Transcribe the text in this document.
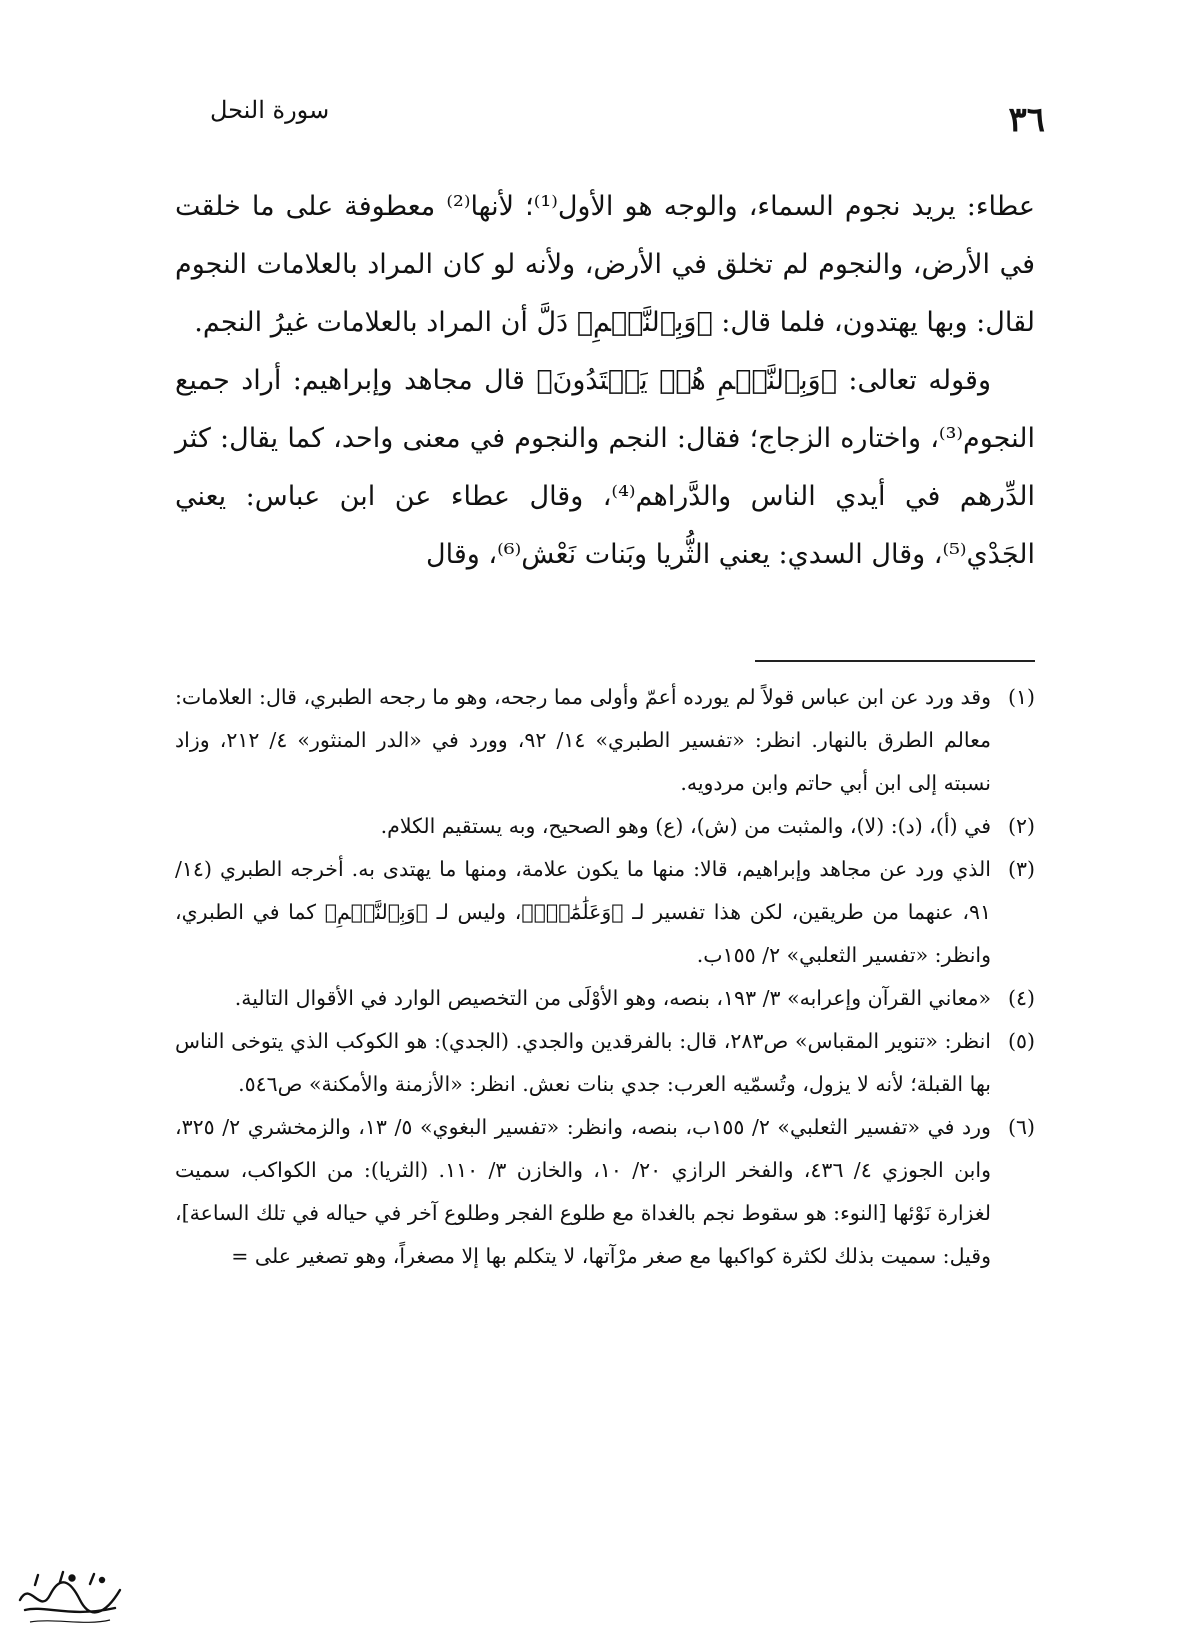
٣٦
سورة النحل

عطاء: يريد نجوم السماء، والوجه هو الأول⁽¹⁾؛ لأنها⁽²⁾ معطوفة على ما خلقت في الأرض، والنجوم لم تخلق في الأرض، ولأنه لو كان المراد بالعلامات النجوم لقال: وبها يهتدون، فلما قال: ﴿وَبِٱلنَّجۡمِ﴾ دَلَّ أن المراد بالعلامات غيرُ النجم.

وقوله تعالى: ﴿وَبِٱلنَّجۡمِ هُمۡ يَهۡتَدُونَ﴾ قال مجاهد وإبراهيم: أراد جميع النجوم⁽³⁾، واختاره الزجاج؛ فقال: النجم والنجوم في معنى واحد، كما يقال: كثر الدِّرهم في أيدي الناس والدَّراهم⁽⁴⁾، وقال عطاء عن ابن عباس: يعني الجَدْي⁽⁵⁾، وقال السدي: يعني الثُّريا وبَنات نَعْش⁽⁶⁾، وقال

(١)

وقد ورد عن ابن عباس قولاً لم يورده أعمّ وأولى مما رجحه، وهو ما رجحه الطبري، قال: العلامات: معالم الطرق بالنهار. انظر: «تفسير الطبري» ١٤/ ٩٢، وورد في «الدر المنثور» ٤/ ٢١٢، وزاد نسبته إلى ابن أبي حاتم وابن مردويه.

(٢)

في (أ)، (د): (لا)، والمثبت من (ش)، (ع) وهو الصحيح، وبه يستقيم الكلام.

(٣)

الذي ورد عن مجاهد وإبراهيم، قالا: منها ما يكون علامة، ومنها ما يهتدى به. أخرجه الطبري (١٤/ ٩١، عنهما من طريقين، لكن هذا تفسير لـ ﴿وَعَلَٰمَٰتٍۚ﴾، وليس لـ ﴿وَبِٱلنَّجۡمِ﴾ كما في الطبري، وانظر: «تفسير الثعلبي» ٢/ ١٥٥ب.

(٤)

«معاني القرآن وإعرابه» ٣/ ١٩٣، بنصه، وهو الأوْلَى من التخصيص الوارد في الأقوال التالية.

(٥)

انظر: «تنوير المقباس» ص٢٨٣، قال: بالفرقدين والجدي. (الجدي): هو الكوكب الذي يتوخى الناس بها القبلة؛ لأنه لا يزول، وتُسمّيه العرب: جدي بنات نعش. انظر: «الأزمنة والأمكنة» ص٥٤٦.

(٦)

ورد في «تفسير الثعلبي» ٢/ ١٥٥ب، بنصه، وانظر: «تفسير البغوي» ٥/ ١٣، والزمخشري ٢/ ٣٢٥، وابن الجوزي ٤/ ٤٣٦، والفخر الرازي ٢٠/ ١٠، والخازن ٣/ ١١٠. (الثريا): من الكواكب، سميت لغزارة نَوْئها [النوء: هو سقوط نجم بالغداة مع طلوع الفجر وطلوع آخر في حياله في تلك الساعة]، وقيل: سميت بذلك لكثرة كواكبها مع صغر مرْآتها، لا يتكلم بها إلا مصغراً، وهو تصغير على =
